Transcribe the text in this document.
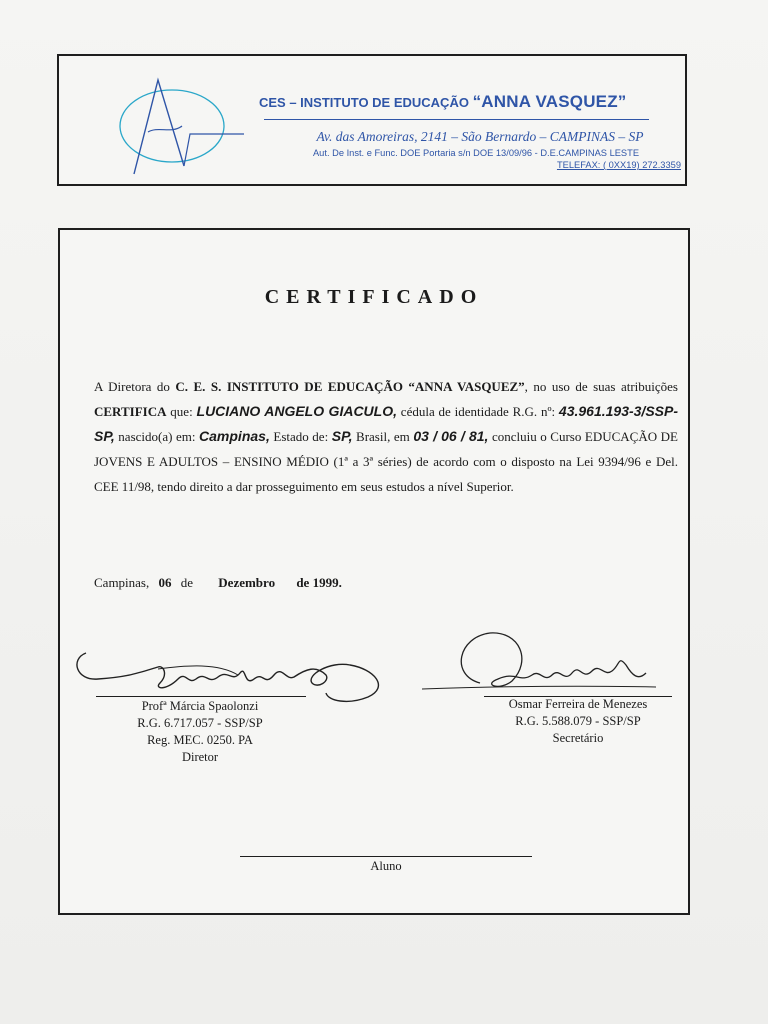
CES – INSTITUTO DE EDUCAÇÃO “ANNA VASQUEZ”
Av. das Amoreiras, 2141 – São Bernardo – CAMPINAS – SP
Aut. De Inst. e Func. DOE Portaria s/n DOE 13/09/96 - D.E.CAMPINAS LESTE
TELEFAX: ( 0XX19) 272.3359
CERTIFICADO
A Diretora do C. E. S. INSTITUTO DE EDUCAÇÃO “ANNA VASQUEZ”, no uso de suas atribuições CERTIFICA que: LUCIANO ANGELO GIACULO, cédula de identidade R.G. nº: 43.961.193-3/SSP-SP, nascido(a) em: Campinas, Estado de: SP, Brasil, em 03 / 06 / 81, concluiu o Curso EDUCAÇÃO DE JOVENS E ADULTOS – ENSINO MÉDIO (1ª a 3ª séries) de acordo com o disposto na Lei 9394/96 e Del. CEE 11/98, tendo direito a dar prosseguimento em seus estudos a nível Superior.
Campinas, 06 de Dezembro de 1999.
Profª Márcia Spaolonzi
R.G. 6.717.057 - SSP/SP
Reg. MEC. 0250. PA
Diretor
Osmar Ferreira de Menezes
R.G. 5.588.079 - SSP/SP
Secretário
Aluno
